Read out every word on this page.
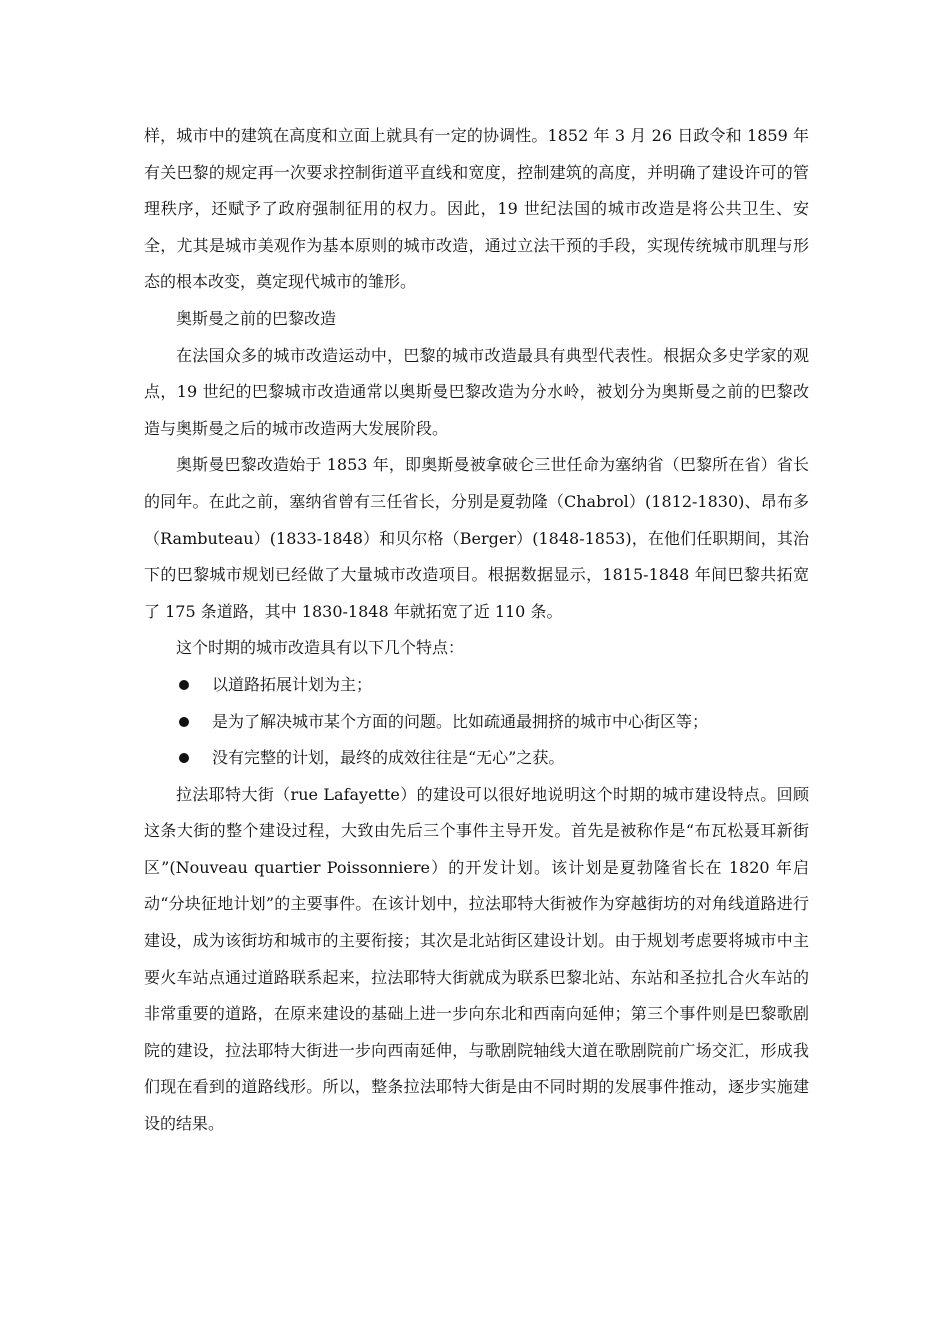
样，城市中的建筑在高度和立面上就具有一定的协调性。1852 年 3 月 26 日政令和 1859 年有关巴黎的规定再一次要求控制街道平直线和宽度，控制建筑的高度，并明确了建设许可的管理秩序，还赋予了政府强制征用的权力。因此，19 世纪法国的城市改造是将公共卫生、安全，尤其是城市美观作为基本原则的城市改造，通过立法干预的手段，实现传统城市肌理与形态的根本改变，奠定现代城市的雏形。

奥斯曼之前的巴黎改造

在法国众多的城市改造运动中，巴黎的城市改造最具有典型代表性。根据众多史学家的观点，19 世纪的巴黎城市改造通常以奥斯曼巴黎改造为分水岭，被划分为奥斯曼之前的巴黎改造与奥斯曼之后的城市改造两大发展阶段。

奥斯曼巴黎改造始于 1853 年，即奥斯曼被拿破仑三世任命为塞纳省（巴黎所在省）省长的同年。在此之前，塞纳省曾有三任省长，分别是夏勃隆（Chabrol）(1812-1830)、昂布多（Rambuteau）(1833-1848）和贝尔格（Berger）(1848-1853)，在他们任职期间，其治下的巴黎城市规划已经做了大量城市改造项目。根据数据显示，1815-1848 年间巴黎共拓宽了 175 条道路，其中 1830-1848 年就拓宽了近 110 条。

这个时期的城市改造具有以下几个特点：

以道路拓展计划为主；
是为了解决城市某个方面的问题。比如疏通最拥挤的城市中心街区等；
没有完整的计划，最终的成效往往是“无心”之获。

拉法耶特大街（rue Lafayette）的建设可以很好地说明这个时期的城市建设特点。回顾这条大街的整个建设过程，大致由先后三个事件主导开发。首先是被称作是“布瓦松聂耳新街区”(Nouveau quartier Poissonniere）的开发计划。该计划是夏勃隆省长在 1820 年启动“分块征地计划”的主要事件。在该计划中，拉法耶特大街被作为穿越街坊的对角线道路进行建设，成为该街坊和城市的主要衔接；其次是北站街区建设计划。由于规划考虑要将城市中主要火车站点通过道路联系起来，拉法耶特大街就成为联系巴黎北站、东站和圣拉扎合火车站的非常重要的道路，在原来建设的基础上进一步向东北和西南向延伸；第三个事件则是巴黎歌剧院的建设，拉法耶特大街进一步向西南延伸，与歌剧院轴线大道在歌剧院前广场交汇，形成我们现在看到的道路线形。所以，整条拉法耶特大街是由不同时期的发展事件推动，逐步实施建设的结果。
